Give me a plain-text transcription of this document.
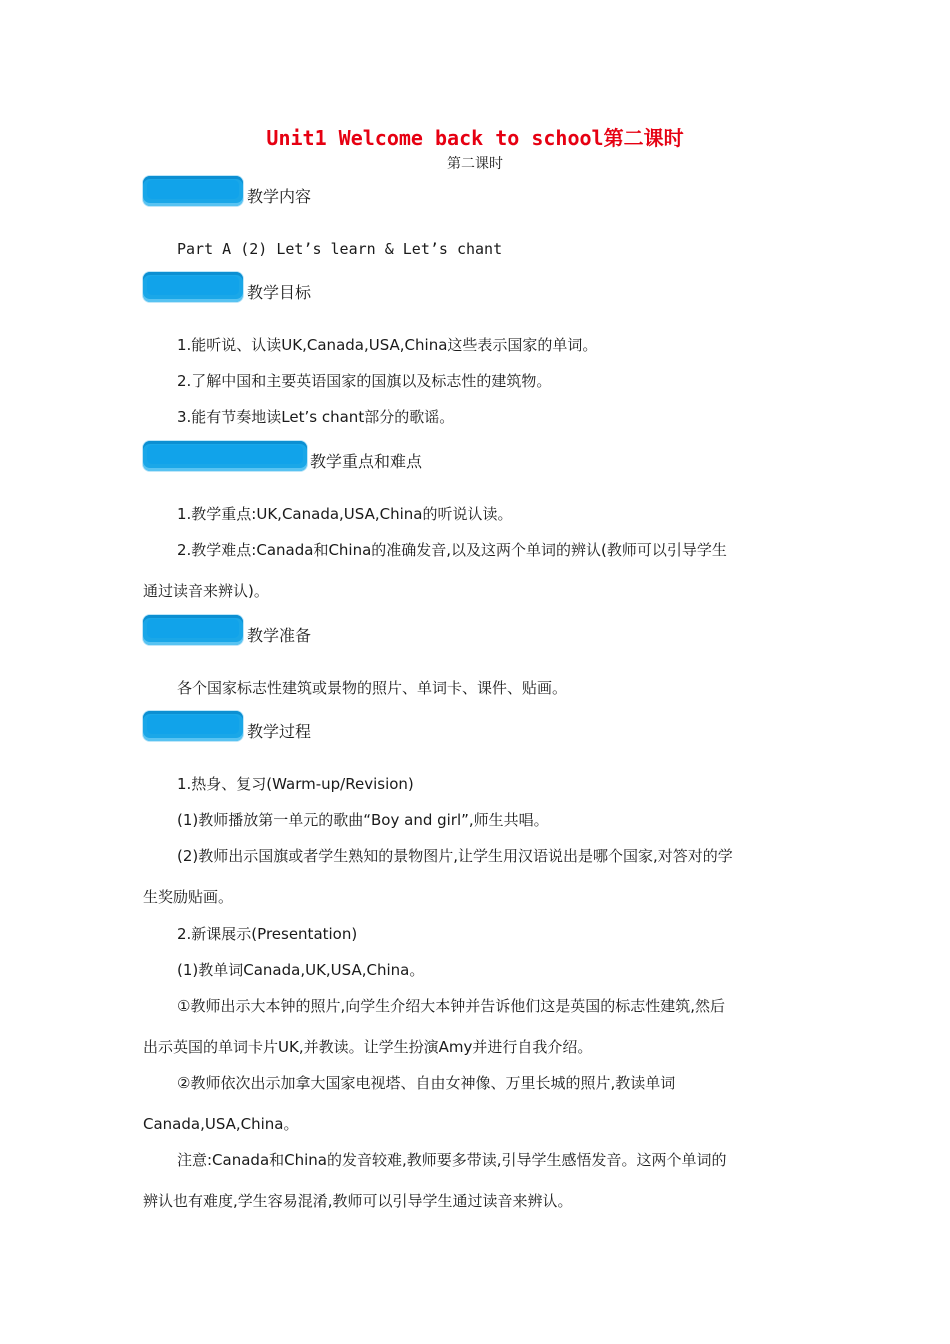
Unit1 Welcome back to school第二课时
第二课时
教学内容
Part A (2) Let’s learn & Let’s chant
教学目标
1.能听说、认读UK,Canada,USA,China这些表示国家的单词。
2.了解中国和主要英语国家的国旗以及标志性的建筑物。
3.能有节奏地读Let’s chant部分的歌谣。
教学重点和难点
1.教学重点:UK,Canada,USA,China的听说认读。
2.教学难点:Canada和China的准确发音,以及这两个单词的辨认(教师可以引导学生
通过读音来辨认)。
教学准备
各个国家标志性建筑或景物的照片、单词卡、课件、贴画。
教学过程
1.热身、复习(Warm-up/Revision)
(1)教师播放第一单元的歌曲“Boy and girl”,师生共唱。
(2)教师出示国旗或者学生熟知的景物图片,让学生用汉语说出是哪个国家,对答对的学
生奖励贴画。
2.新课展示(Presentation)
(1)教单词Canada,UK,USA,China。
①教师出示大本钟的照片,向学生介绍大本钟并告诉他们这是英国的标志性建筑,然后
出示英国的单词卡片UK,并教读。让学生扮演Amy并进行自我介绍。
②教师依次出示加拿大国家电视塔、自由女神像、万里长城的照片,教读单词
Canada,USA,China。
注意:Canada和China的发音较难,教师要多带读,引导学生感悟发音。这两个单词的
辨认也有难度,学生容易混淆,教师可以引导学生通过读音来辨认。
